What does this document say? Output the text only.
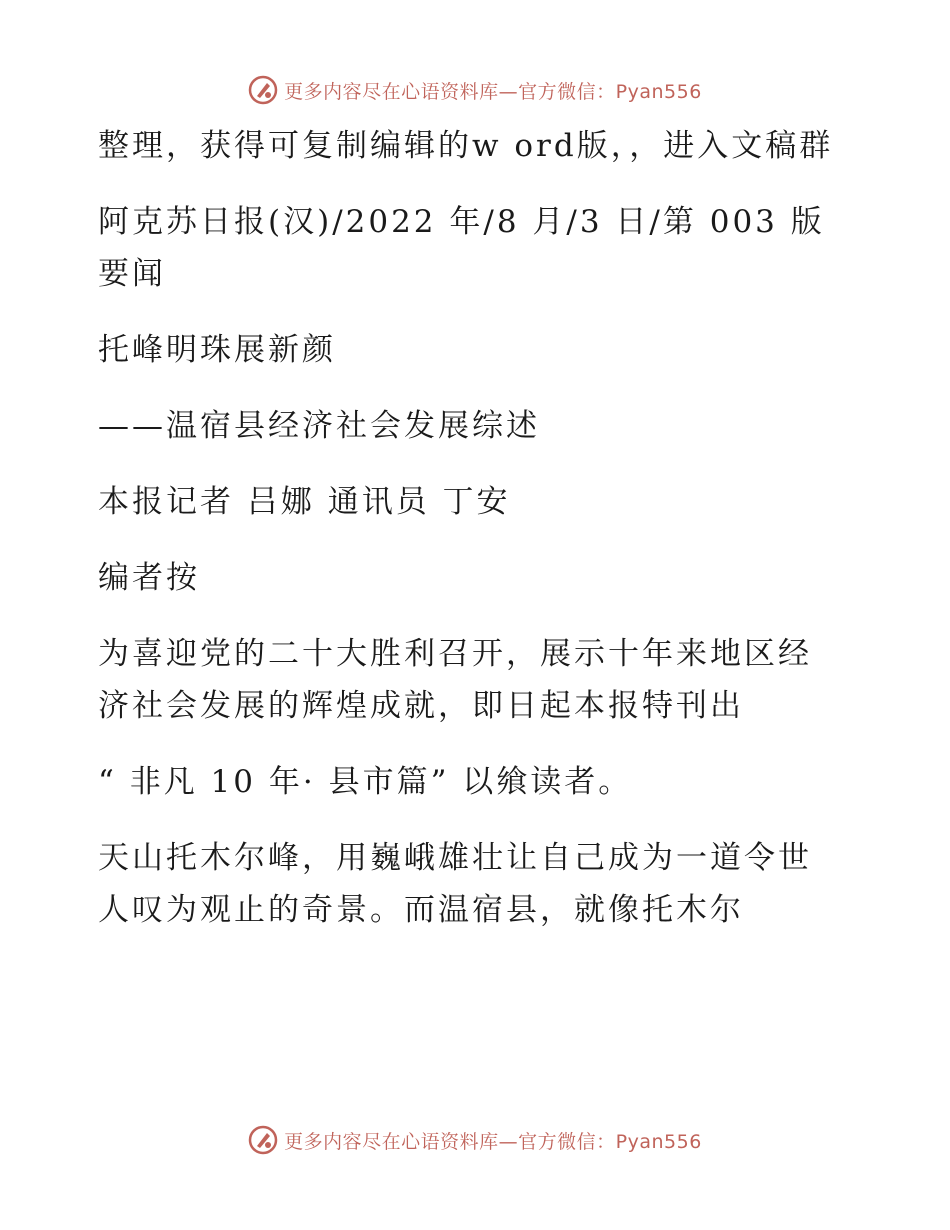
更多内容尽在心语资料库—官方微信：Pyan556

整理，获得可复制编辑的w ord版，，进入文稿群

阿克苏日报(汉)/2022 年/8 月/3 日/第 003 版要闻

托峰明珠展新颜

——温宿县经济社会发展综述

本报记者 吕娜 通讯员 丁安

编者按

为喜迎党的二十大胜利召开，展示十年来地区经济社会发展的辉煌成就，即日起本报特刊出

“ 非凡 10 年· 县市篇” 以飨读者。

天山托木尔峰，用巍峨雄壮让自己成为一道令世人叹为观止的奇景。而温宿县，就像托木尔

更多内容尽在心语资料库—官方微信：Pyan556
